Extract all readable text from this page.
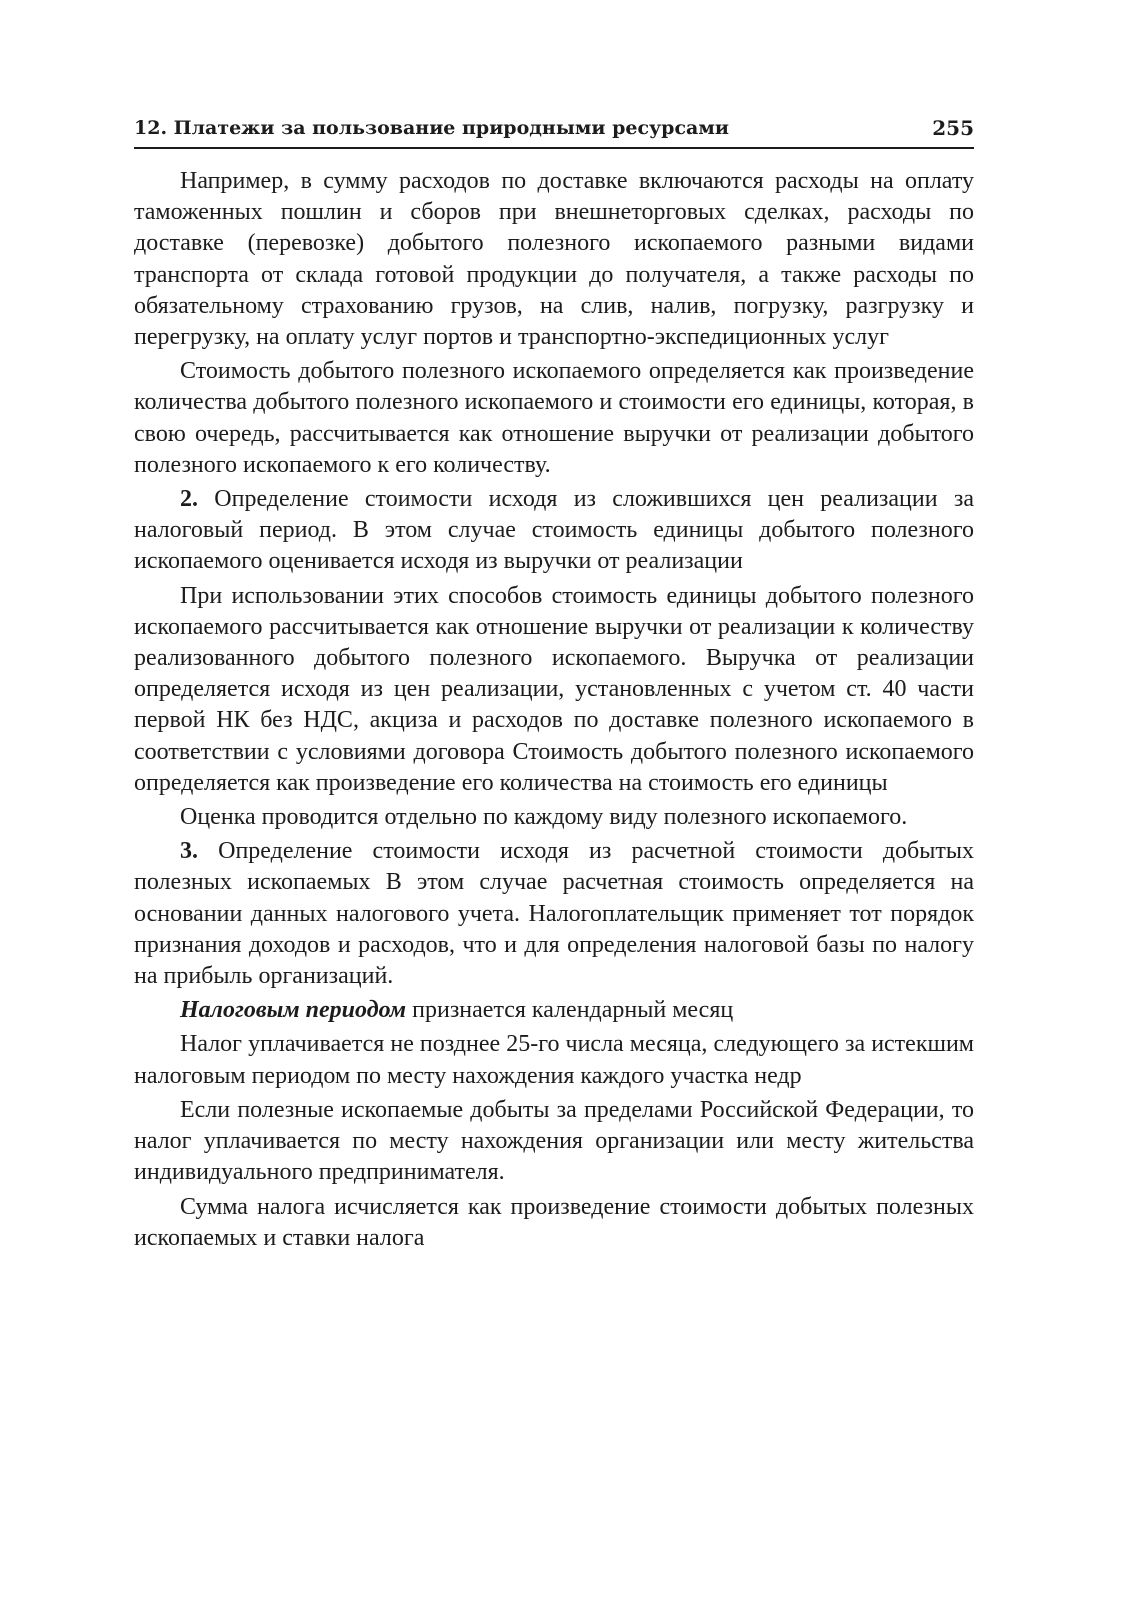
12. Платежи за пользование природными ресурсами	255

Например, в сумму расходов по доставке включаются расходы на оплату таможенных пошлин и сборов при внешнеторговых сделках, расходы по доставке (перевозке) добытого полезного ископаемого разными видами транспорта от склада готовой продукции до получателя, а также расходы по обязательному страхованию грузов, на слив, налив, погрузку, разгрузку и перегрузку, на оплату услуг портов и транспортно-экспедиционных услуг

Стоимость добытого полезного ископаемого определяется как произведение количества добытого полезного ископаемого и стоимости его единицы, которая, в свою очередь, рассчитывается как отношение выручки от реализации добытого полезного ископаемого к его количеству.

2. Определение стоимости исходя из сложившихся цен реализации за налоговый период. В этом случае стоимость единицы добытого полезного ископаемого оценивается исходя из выручки от реализации

При использовании этих способов стоимость единицы добытого полезного ископаемого рассчитывается как отношение выручки от реализации к количеству реализованного добытого полезного ископаемого. Выручка от реализации определяется исходя из цен реализации, установленных с учетом ст. 40 части первой НК без НДС, акциза и расходов по доставке полезного ископаемого в соответствии с условиями договора Стоимость добытого полезного ископаемого определяется как произведение его количества на стоимость его единицы

Оценка проводится отдельно по каждому виду полезного ископаемого.

3. Определение стоимости исходя из расчетной стоимости добытых полезных ископаемых В этом случае расчетная стоимость определяется на основании данных налогового учета. Налогоплательщик применяет тот порядок признания доходов и расходов, что и для определения налоговой базы по налогу на прибыль организаций.

Налоговым периодом признается календарный месяц

Налог уплачивается не позднее 25-го числа месяца, следующего за истекшим налоговым периодом по месту нахождения каждого участка недр

Если полезные ископаемые добыты за пределами Российской Федерации, то налог уплачивается по месту нахождения организации или месту жительства индивидуального предпринимателя.

Сумма налога исчисляется как произведение стоимости добытых полезных ископаемых и ставки налога
